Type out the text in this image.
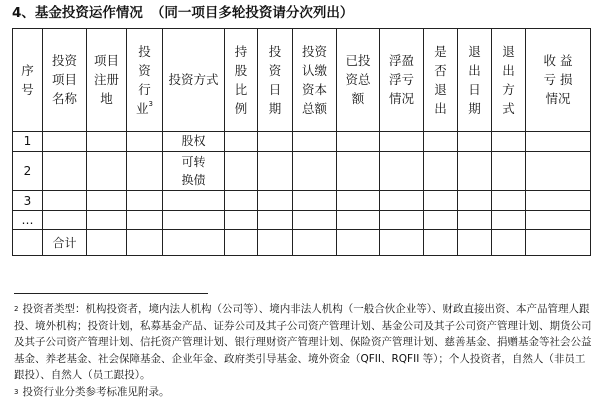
4、基金投资运作情况 （同一项目多轮投资请分次列出）
序
号	投资
项目
名称	项目
注册
地	投
资
行
业$^3$	投资方式	持
股
比
例	投
资
日
期	投资
认缴
资本
总额	已投
资总
额	浮盈
浮亏
情况	是
否
退
出	退
出
日
期	退
出
方
式	收 益
亏 损
情况

1				股权									

2				可转
换债									

3													
…													
	合计												

$^2$ 投资者类型：机构投资者，境内法人机构（公司等）、境内非法人机构（一般合伙企业等）、财政直接出资、本产品管理人跟投、境外机构；投资计划，私募基金产品、证券公司及其子公司资产管理计划、基金公司及其子公司资产管理计划、期货公司及其子公司资产管理计划、信托资产管理计划、银行理财资产管理计划、保险资产管理计划、慈善基金、捐赠基金等社会公益基金、养老基金、社会保障基金、企业年金、政府类引导基金、境外资金（QFII、RQFII 等）；个人投资者，自然人（非员工跟投）、自然人（员工跟投）。

$^3$ 投资行业分类参考标准见附录。
